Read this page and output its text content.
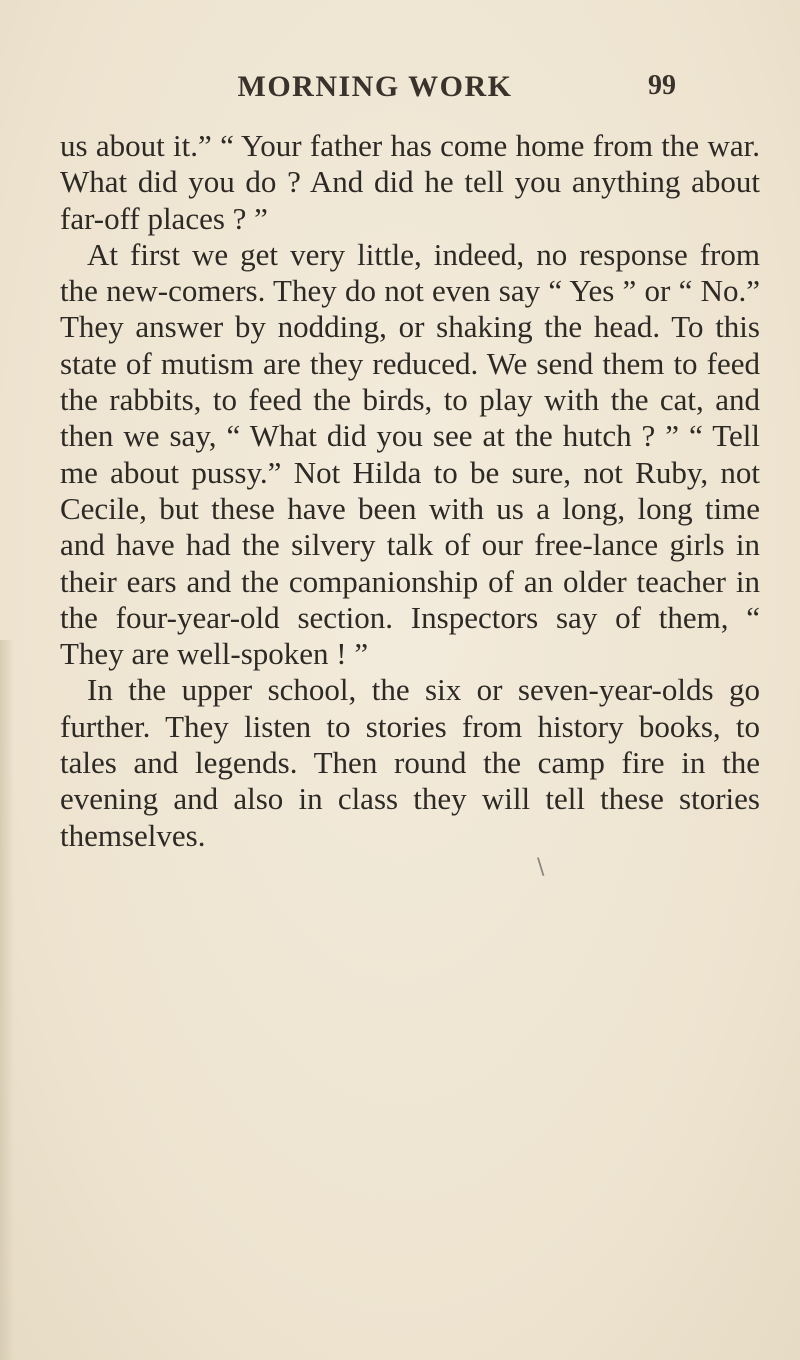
MORNING WORK	99

us about it.” “ Your father has come home from the war. What did you do ? And did he tell you anything about far-off places ? ”

At first we get very little, indeed, no response from the new-comers. They do not even say “ Yes ” or “ No.” They answer by nodding, or shaking the head. To this state of mutism are they reduced. We send them to feed the rabbits, to feed the birds, to play with the cat, and then we say, “ What did you see at the hutch ? ” “ Tell me about pussy.” Not Hilda to be sure, not Ruby, not Cecile, but these have been with us a long, long time and have had the silvery talk of our free-lance girls in their ears and the companionship of an older teacher in the four-year-old section. Inspectors say of them, “ They are well-spoken ! ”

In the upper school, the six or seven-year-olds go further. They listen to stories from history books, to tales and legends. Then round the camp fire in the evening and also in class they will tell these stories themselves.

\
